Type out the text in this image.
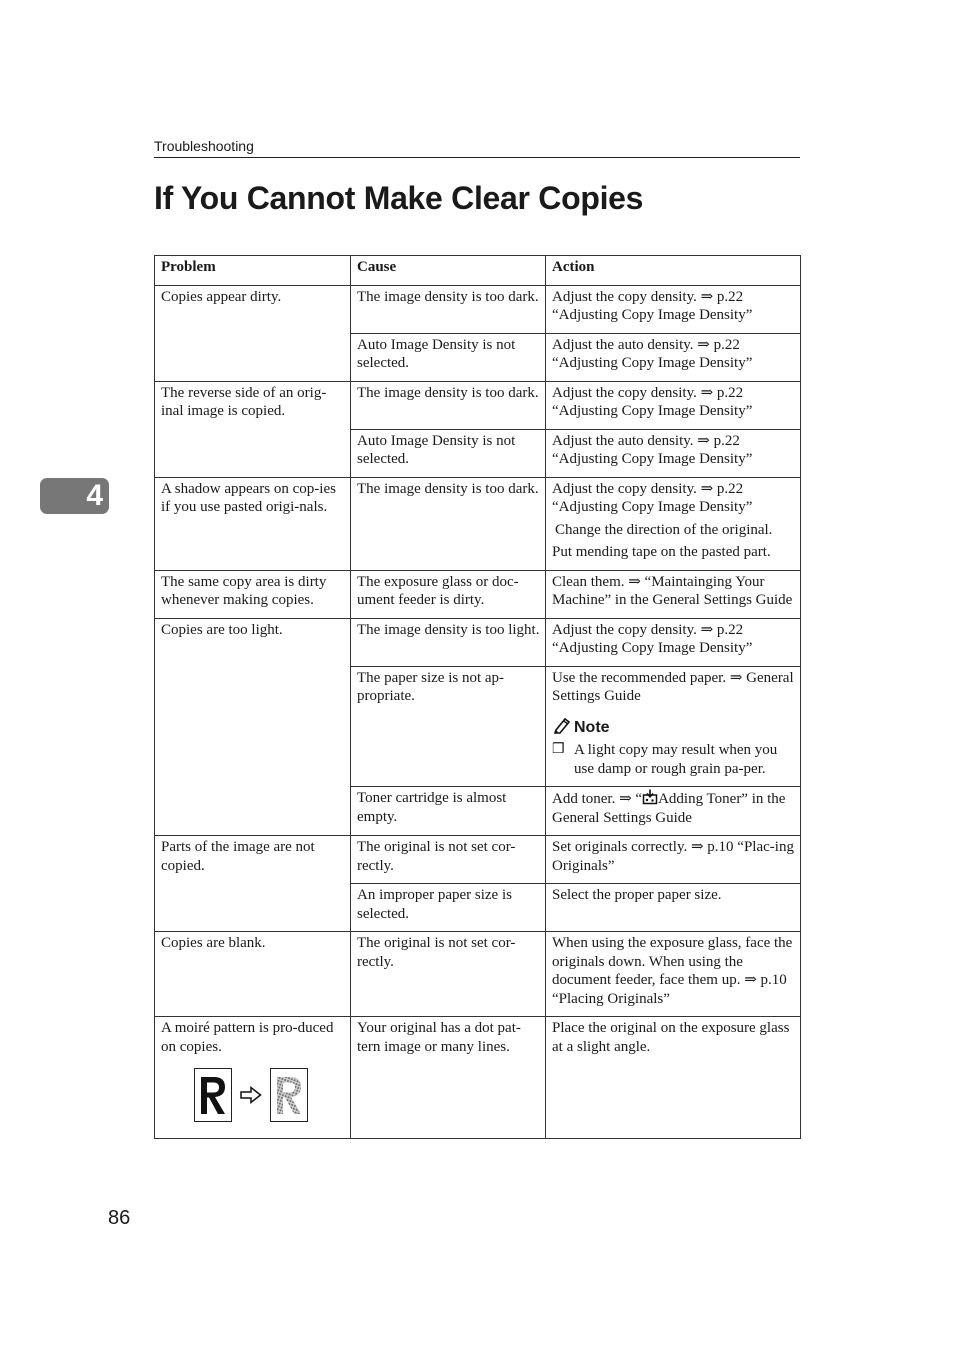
Troubleshooting
If You Cannot Make Clear Copies
4
Problem	Cause	Action
Copies appear dirty.	The image density is too dark.	Adjust the copy density. ⇒ p.22 “Adjusting Copy Image Density”

	Auto Image Density is not selected.	Adjust the auto density. ⇒ p.22 “Adjusting Copy Image Density”

The reverse side of an orig-inal image is copied.	The image density is too dark.	Adjust the copy density. ⇒ p.22 “Adjusting Copy Image Density”

	Auto Image Density is not selected.	Adjust the auto density. ⇒ p.22 “Adjusting Copy Image Density”

A shadow appears on cop-ies if you use pasted origi-nals.	The image density is too dark.	Adjust the copy density. ⇒ p.22 “Adjusting Copy Image Density”

Change the direction of the original.

Put mending tape on the pasted part.

The same copy area is dirty whenever making copies.	The exposure glass or doc-ument feeder is dirty.	Clean them. ⇒ “Maintainging Your Machine” in the General Settings Guide

Copies are too light.	The image density is too light.	Adjust the copy density. ⇒ p.22 “Adjusting Copy Image Density”

	The paper size is not ap-propriate.	Use the recommended paper. ⇒ General Settings Guide

Note
❒ A light copy may result when you use damp or rough grain pa-per.

	Toner cartridge is almost empty.	Add toner. ⇒ “ Adding Toner” in the General Settings Guide
Parts of the image are not copied.	The original is not set cor-rectly.	Set originals correctly. ⇒ p.10 “Plac-ing Originals”

	An improper paper size is selected.	Select the proper paper size.

Copies are blank.	The original is not set cor-rectly.	When using the exposure glass, face the originals down. When using the document feeder, face them up. ⇒ p.10 “Placing Originals”

A moiré pattern is pro-duced on copies.	Your original has a dot pat-tern image or many lines.	Place the original on the exposure glass at a slight angle.

86
